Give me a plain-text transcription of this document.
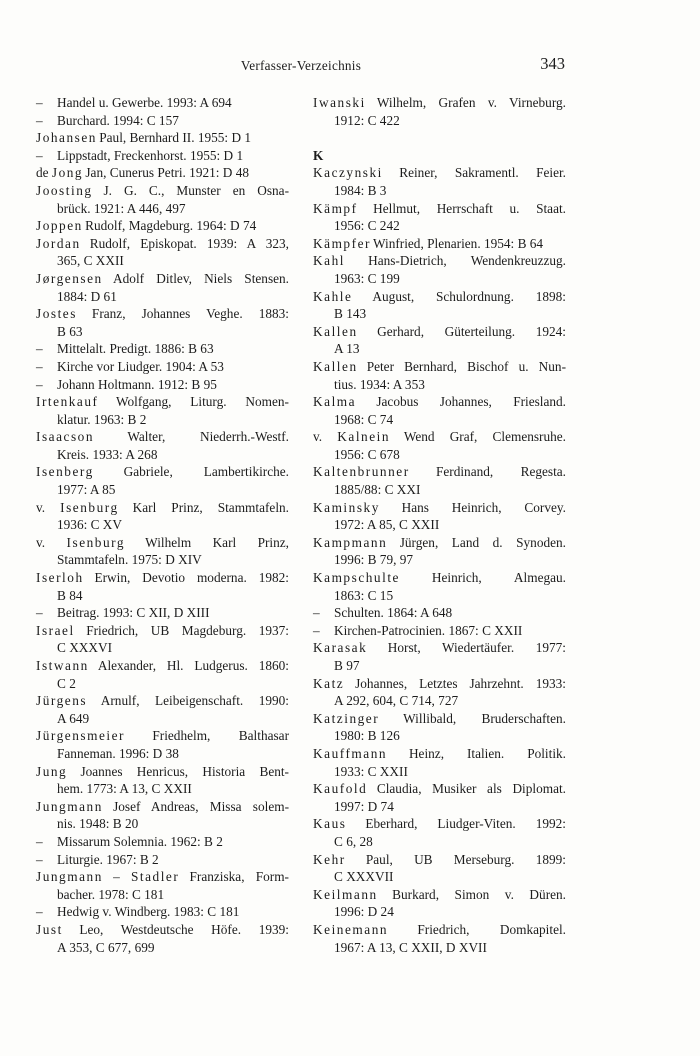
Verfasser-Verzeichnis	343
– Handel u. Gewerbe. 1993: A 694
– Burchard. 1994: C 157
Johansen Paul, Bernhard II. 1955: D 1
– Lippstadt, Freckenhorst. 1955: D 1
de Jong Jan, Cunerus Petri. 1921: D 48
Joosting J. G. C., Munster en Osna-
brück. 1921: A 446, 497
Joppen Rudolf, Magdeburg. 1964: D 74
Jordan Rudolf, Episkopat. 1939: A 323,
365, C XXII
Jørgensen Adolf Ditlev, Niels Stensen.
1884: D 61
Jostes Franz, Johannes Veghe. 1883:
B 63
– Mittelalt. Predigt. 1886: B 63
– Kirche vor Liudger. 1904: A 53
– Johann Holtmann. 1912: B 95
Irtenkauf Wolfgang, Liturg. Nomen-
klatur. 1963: B 2
Isaacson Walter, Niederrh.-Westf.
Kreis. 1933: A 268
Isenberg Gabriele, Lambertikirche.
1977: A 85
v. Isenburg Karl Prinz, Stammtafeln.
1936: C XV
v. Isenburg Wilhelm Karl Prinz,
Stammtafeln. 1975: D XIV
Iserloh Erwin, Devotio moderna. 1982:
B 84
– Beitrag. 1993: C XII, D XIII
Israel Friedrich, UB Magdeburg. 1937:
C XXXVI
Istwann Alexander, Hl. Ludgerus. 1860:
C 2
Jürgens Arnulf, Leibeigenschaft. 1990:
A 649
Jürgensmeier Friedhelm, Balthasar
Fanneman. 1996: D 38
Jung Joannes Henricus, Historia Bent-
hem. 1773: A 13, C XXII
Jungmann Josef Andreas, Missa solem-
nis. 1948: B 20
– Missarum Solemnia. 1962: B 2
– Liturgie. 1967: B 2
Jungmann – Stadler Franziska, Form-
bacher. 1978: C 181
– Hedwig v. Windberg. 1983: C 181
Just Leo, Westdeutsche Höfe. 1939:
A 353, C 677, 699
Iwanski Wilhelm, Grafen v. Virneburg.
1912: C 422
K
Kaczynski Reiner, Sakramentl. Feier.
1984: B 3
Kämpf Hellmut, Herrschaft u. Staat.
1956: C 242
Kämpfer Winfried, Plenarien. 1954: B 64
Kahl Hans-Dietrich, Wendenkreuzzug.
1963: C 199
Kahle August, Schulordnung. 1898:
B 143
Kallen Gerhard, Güterteilung. 1924:
A 13
Kallen Peter Bernhard, Bischof u. Nun-
tius. 1934: A 353
Kalma Jacobus Johannes, Friesland.
1968: C 74
v. Kalnein Wend Graf, Clemensruhe.
1956: C 678
Kaltenbrunner Ferdinand, Regesta.
1885/88: C XXI
Kaminsky Hans Heinrich, Corvey.
1972: A 85, C XXII
Kampmann Jürgen, Land d. Synoden.
1996: B 79, 97
Kampschulte Heinrich, Almegau.
1863: C 15
– Schulten. 1864: A 648
– Kirchen-Patrocinien. 1867: C XXII
Karasak Horst, Wiedertäufer. 1977:
B 97
Katz Johannes, Letztes Jahrzehnt. 1933:
A 292, 604, C 714, 727
Katzinger Willibald, Bruderschaften.
1980: B 126
Kauffmann Heinz, Italien. Politik.
1933: C XXII
Kaufold Claudia, Musiker als Diplomat.
1997: D 74
Kaus Eberhard, Liudger-Viten. 1992:
C 6, 28
Kehr Paul, UB Merseburg. 1899:
C XXXVII
Keilmann Burkard, Simon v. Düren.
1996: D 24
Keinemann Friedrich, Domkapitel.
1967: A 13, C XXII, D XVII
